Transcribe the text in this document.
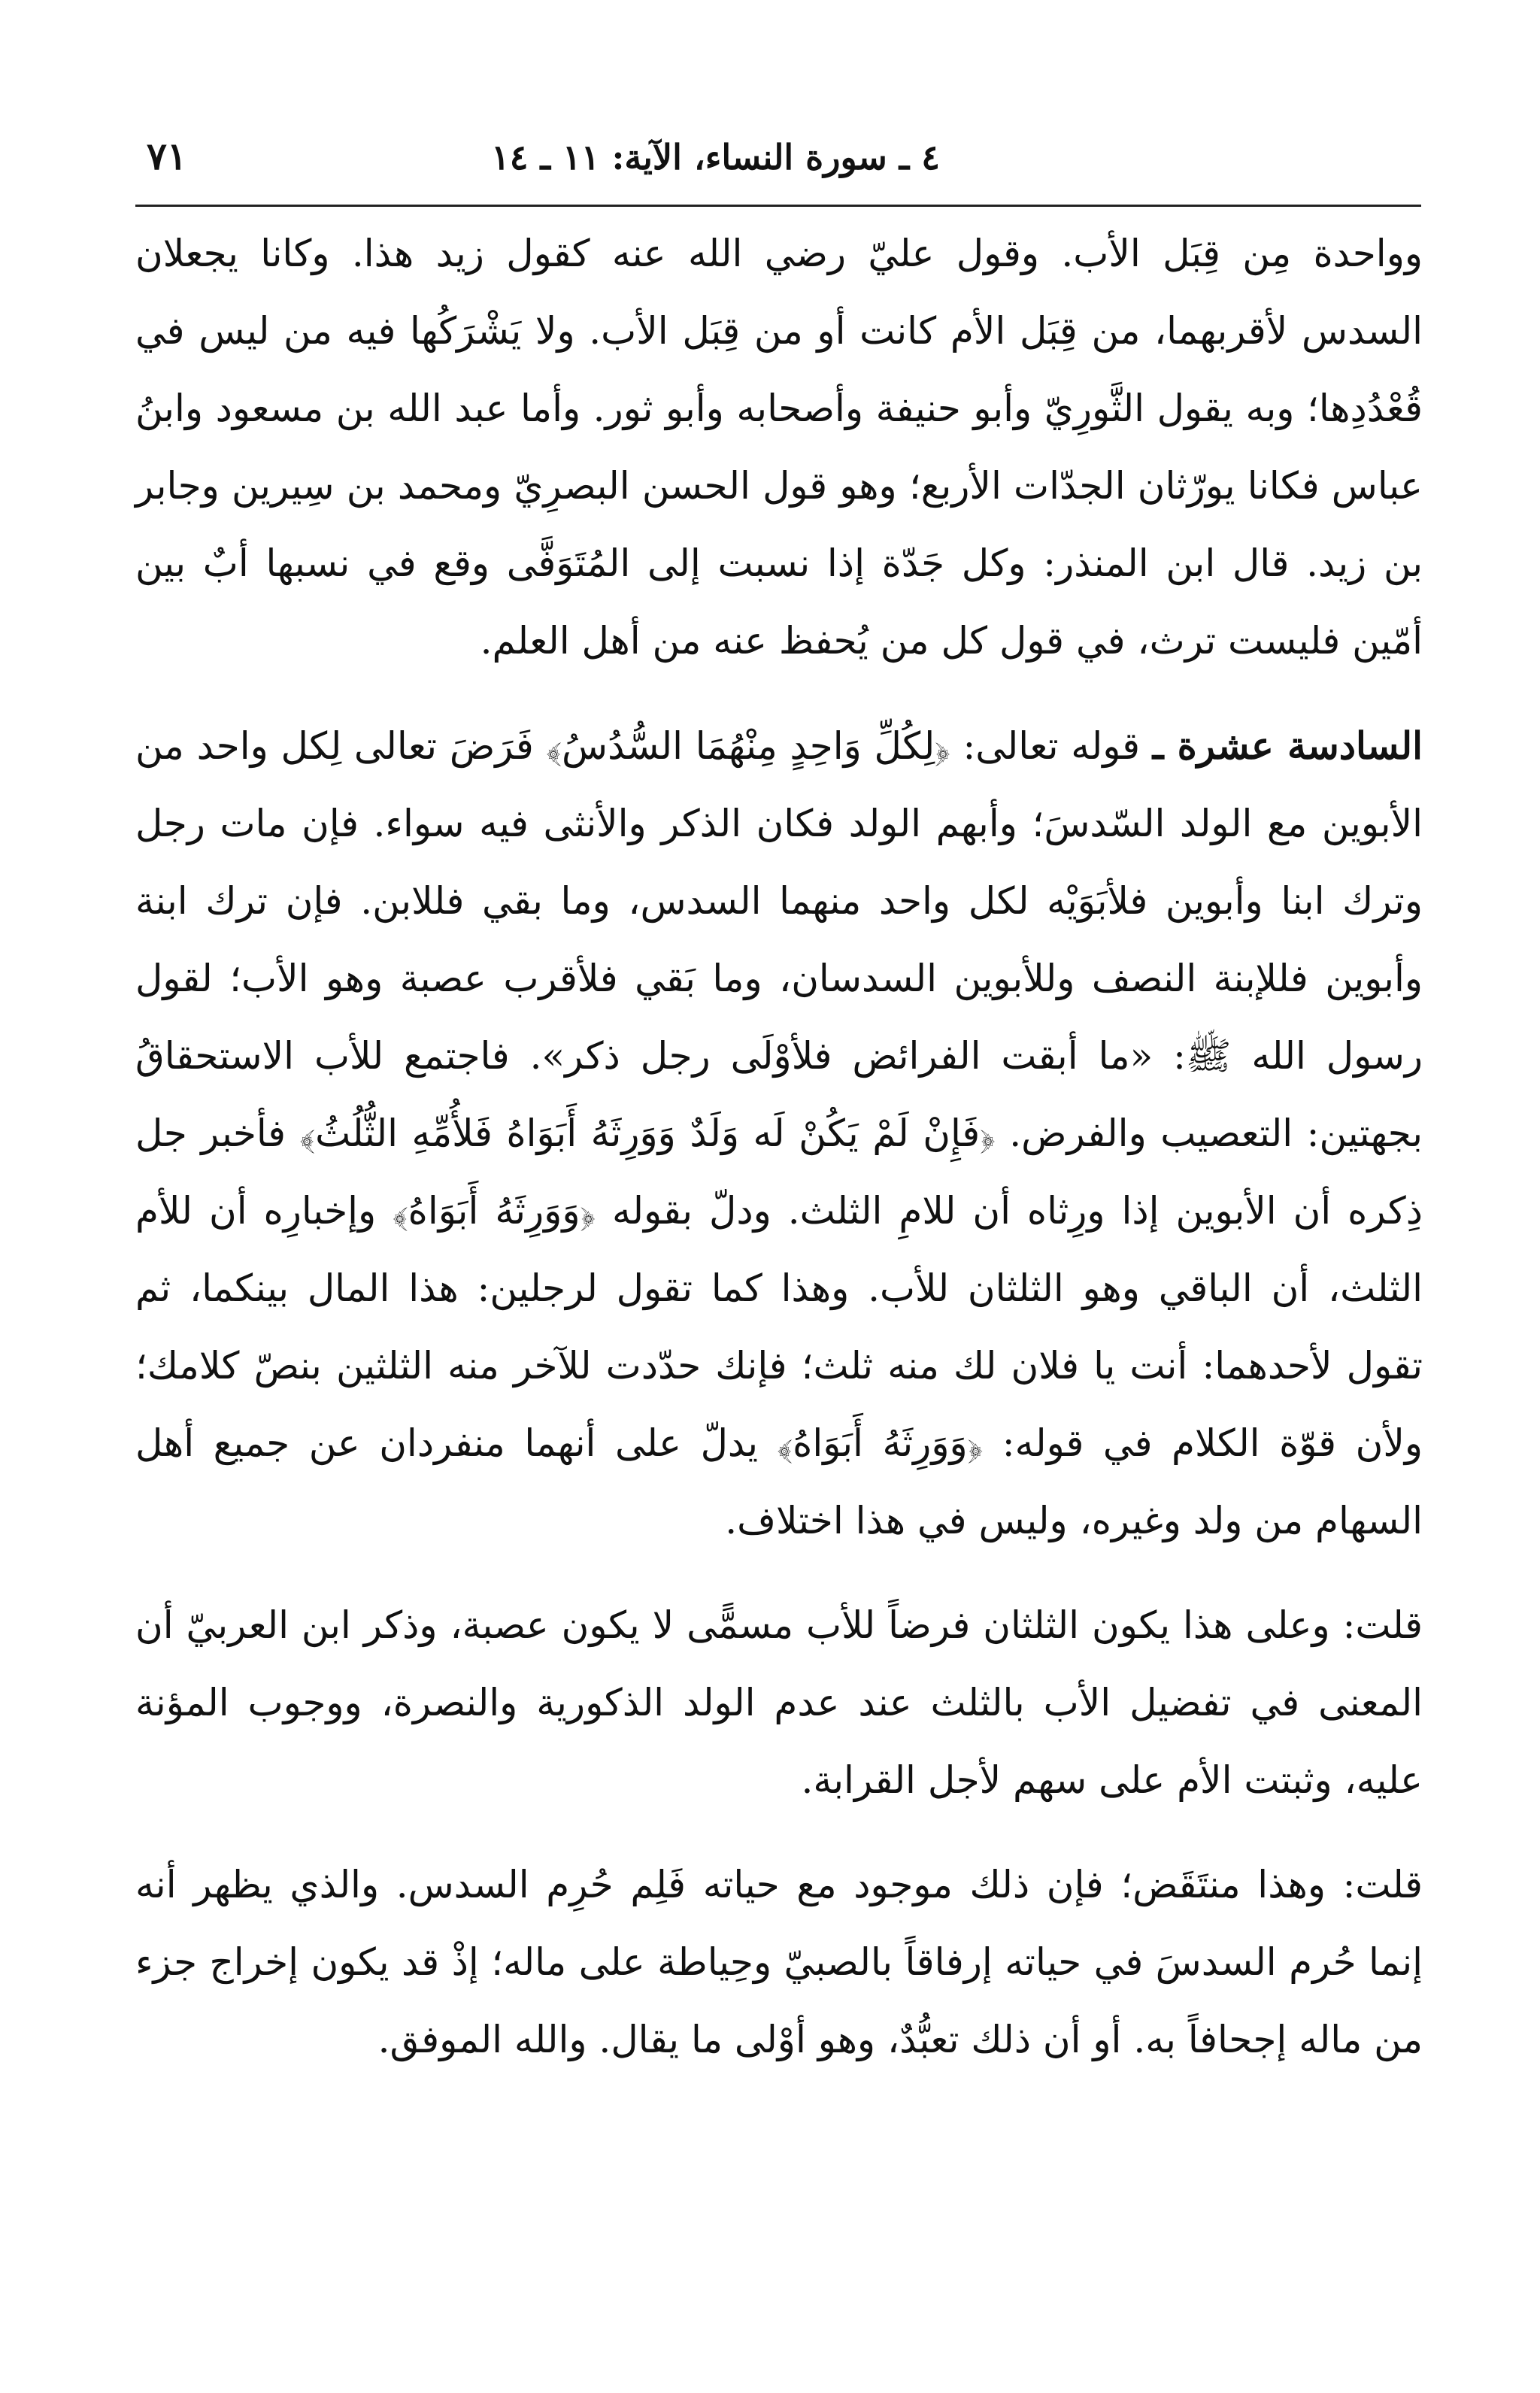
٤ ـ سورة النساء، الآية: ١١ ـ ١٤
٧١

وواحدة مِن قِبَل الأب. وقول عليّ رضي الله عنه كقول زيد هذا. وكانا يجعلان السدس لأقربهما، من قِبَل الأم كانت أو من قِبَل الأب. ولا يَشْرَكُها فيه من ليس في قُعْدُدِها؛ وبه يقول الثَّورِيّ وأبو حنيفة وأصحابه وأبو ثور. وأما عبد الله بن مسعود وابنُ عباس فكانا يورّثان الجدّات الأربع؛ وهو قول الحسن البصرِيّ ومحمد بن سِيرين وجابر بن زيد. قال ابن المنذر: وكل جَدّة إذا نسبت إلى المُتَوَفَّى وقع في نسبها أبٌ بين أمّين فليست ترث، في قول كل من يُحفظ عنه من أهل العلم.

السادسة عشرة ـ قوله تعالى: ﴿لِكُلِّ وَاحِدٍ مِنْهُمَا السُّدُسُ﴾ فَرَضَ تعالى لِكل واحد من الأبوين مع الولد السّدسَ؛ وأبهم الولد فكان الذكر والأنثى فيه سواء. فإن مات رجل وترك ابنا وأبوين فلأبَوَيْه لكل واحد منهما السدس، وما بقي فللابن. فإن ترك ابنة وأبوين فللإبنة النصف وللأبوين السدسان، وما بَقي فلأقرب عصبة وهو الأب؛ لقول رسول الله ﷺ: «ما أبقت الفرائض فلأوْلَى رجل ذكر». فاجتمع للأب الاستحقاقُ بجهتين: التعصيب والفرض. ﴿فَإِنْ لَمْ يَكُنْ لَه وَلَدٌ وَوَرِثَهُ أَبَوَاهُ فَلأُمِّهِ الثُّلُثُ﴾ فأخبر جل ذِكره أن الأبوين إذا ورِثاه أن للامِ الثلث. ودلّ بقوله ﴿وَوَرِثَهُ أَبَوَاهُ﴾ وإخبارِه أن للأم الثلث، أن الباقي وهو الثلثان للأب. وهذا كما تقول لرجلين: هذا المال بينكما، ثم تقول لأحدهما: أنت يا فلان لك منه ثلث؛ فإنك حدّدت للآخر منه الثلثين بنصّ كلامك؛ ولأن قوّة الكلام في قوله: ﴿وَوَرِثَهُ أَبَوَاهُ﴾ يدلّ على أنهما منفردان عن جميع أهل السهام من ولد وغيره، وليس في هذا اختلاف.

قلت: وعلى هذا يكون الثلثان فرضاً للأب مسمًّى لا يكون عصبة، وذكر ابن العربيّ أن المعنى في تفضيل الأب بالثلث عند عدم الولد الذكورية والنصرة، ووجوب المؤنة عليه، وثبتت الأم على سهم لأجل القرابة.

قلت: وهذا منتَقَض؛ فإن ذلك موجود مع حياته فَلِم حُرِم السدس. والذي يظهر أنه إنما حُرم السدسَ في حياته إرفاقاً بالصبيّ وحِياطة على ماله؛ إذْ قد يكون إخراج جزء من ماله إجحافاً به. أو أن ذلك تعبُّدٌ، وهو أوْلى ما يقال. والله الموفق.
